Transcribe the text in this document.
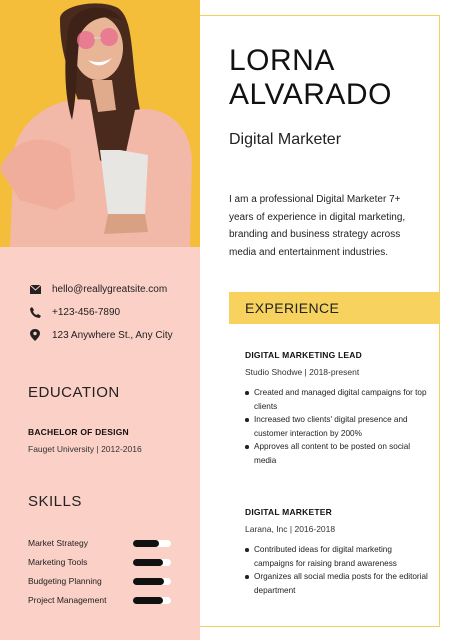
hello@reallygreatsite.com
+123-456-7890
123 Anywhere St., Any City
EDUCATION
BACHELOR OF DESIGN
Fauget University | 2012-2016
SKILLS
Market Strategy
Marketing Tools
Budgeting Planning
Project Management
LORNA
ALVARADO
Digital Marketer
I am a professional Digital Marketer 7+ years of experience in digital marketing, branding and business strategy across media and entertainment industries.
EXPERIENCE
DIGITAL MARKETING LEAD
Studio Shodwe | 2018-present
Created and managed digital campaigns for top clients
Increased two clients' digital presence and customer interaction by 200%
Approves all content to be posted on social media
DIGITAL MARKETER
Larana, Inc | 2016-2018
Contributed ideas for digital marketing campaigns for raising brand awareness
Organizes all social media posts for the editorial department
